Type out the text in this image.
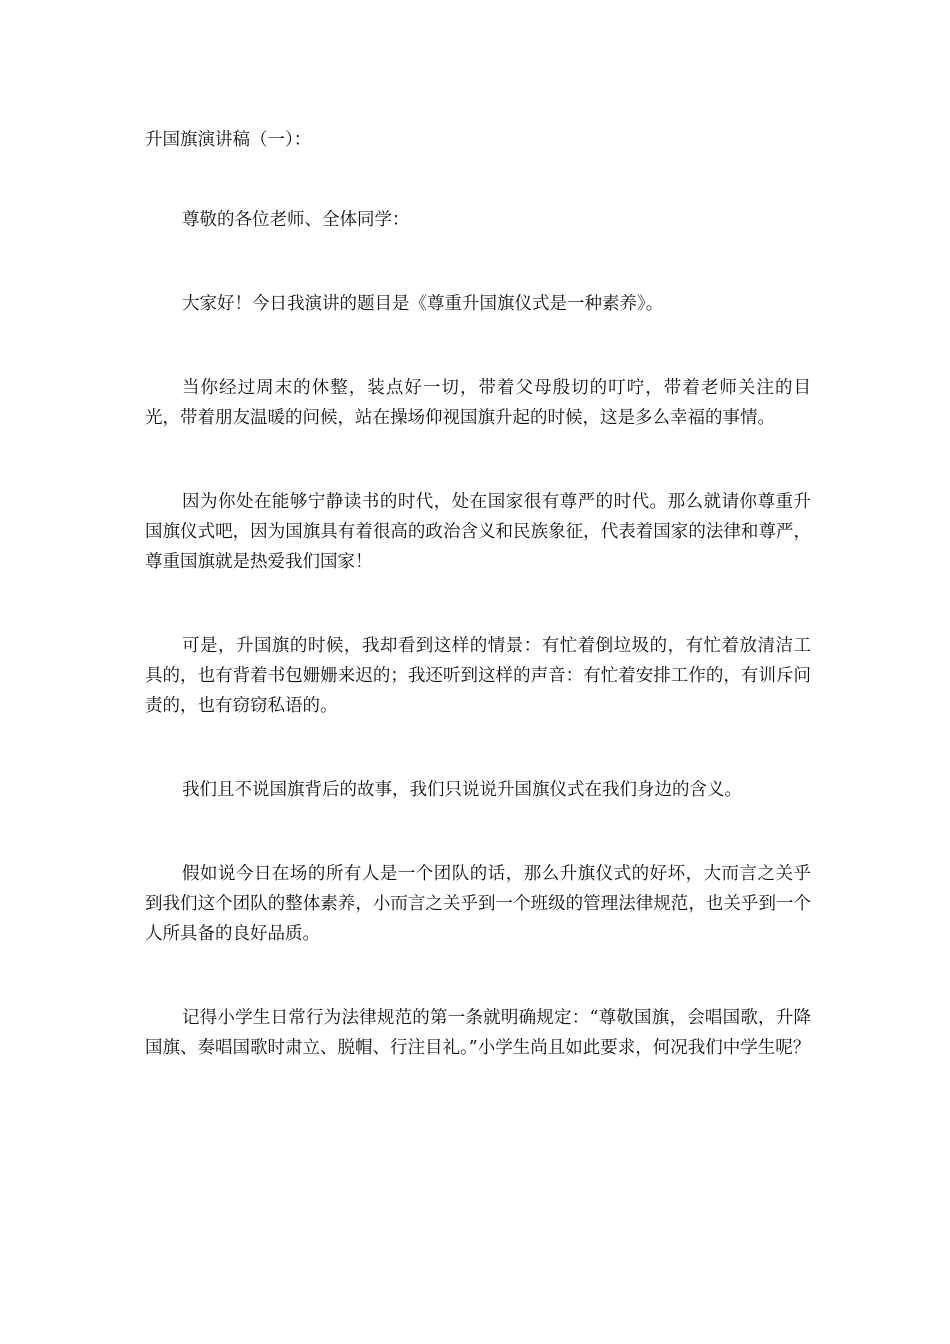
升国旗演讲稿（一）：

尊敬的各位老师、全体同学：

大家好！今日我演讲的题目是《尊重升国旗仪式是一种素养》。

当你经过周末的休整，装点好一切，带着父母殷切的叮咛，带着老师关注的目光，带着朋友温暖的问候，站在操场仰视国旗升起的时候，这是多么幸福的事情。

因为你处在能够宁静读书的时代，处在国家很有尊严的时代。那么就请你尊重升国旗仪式吧，因为国旗具有着很高的政治含义和民族象征，代表着国家的法律和尊严，尊重国旗就是热爱我们国家！

可是，升国旗的时候，我却看到这样的情景：有忙着倒垃圾的，有忙着放清洁工具的，也有背着书包姗姗来迟的；我还听到这样的声音：有忙着安排工作的，有训斥问责的，也有窃窃私语的。

我们且不说国旗背后的故事，我们只说说升国旗仪式在我们身边的含义。

假如说今日在场的所有人是一个团队的话，那么升旗仪式的好坏，大而言之关乎到我们这个团队的整体素养，小而言之关乎到一个班级的管理法律规范，也关乎到一个人所具备的良好品质。

记得小学生日常行为法律规范的第一条就明确规定：“尊敬国旗，会唱国歌，升降国旗、奏唱国歌时肃立、脱帽、行注目礼。”小学生尚且如此要求，何况我们中学生呢？
